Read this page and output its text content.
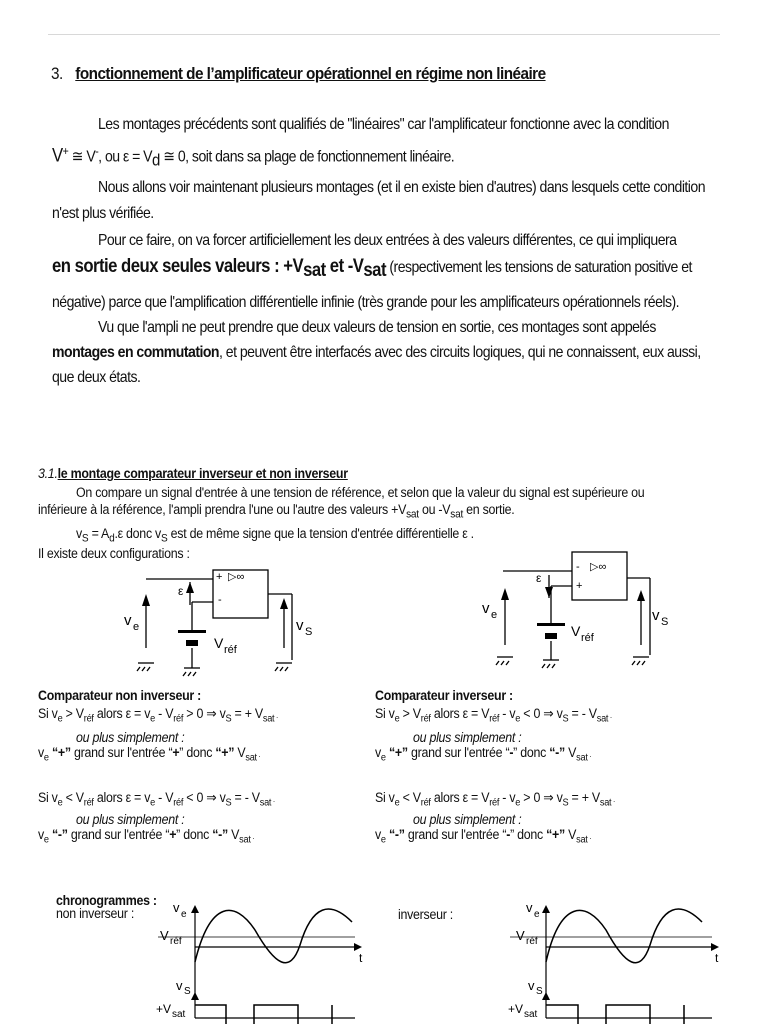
3. fonctionnement de l’amplificateur opérationnel en régime non linéaire
Les montages précédents sont qualifiés de "linéaires" car l'amplificateur fonctionne avec la condition
V+ ≅ V-, ou $\varepsilon = V_d$ ≅ 0, soit dans sa plage de fonctionnement linéaire.
Nous allons voir maintenant plusieurs montages (et il en existe bien d'autres) dans lesquels cette condition
n'est plus vérifiée.
Pour ce faire, on va forcer artificiellement les deux entrées à des valeurs différentes, ce qui impliquera
en sortie deux seules valeurs : $+V_{sat}$ et $-V_{sat}$ (respectivement les tensions de saturation positive et
négative) parce que l'amplification différentielle infinie (très grande pour les amplificateurs opérationnels réels).
Vu que l'ampli ne peut prendre que deux valeurs de tension en sortie, ces montages sont appelés
montages en commutation, et peuvent être interfacés avec des circuits logiques, qui ne connaissent, eux aussi,
que deux états.
3.1.le montage comparateur inverseur et non inverseur
On compare un signal d'entrée à une tension de référence, et selon que la valeur du signal est supérieure ou
inférieure à la référence, l'ampli prendra l'une ou l'autre des valeurs $+V_{sat}$ ou $-V_{sat}$ en sortie.
$v_S = A_d.\varepsilon$ donc $v_S$ est de même signe que la tension d'entrée différentielle ε .
Il existe deux configurations :
+ ▷∞
-
ε
v e	v S
V réf
- ▷∞
+
ε
v e	v S
V réf
Comparateur non inverseur :
Si $v_e > V_{réf}$ alors $\varepsilon = v_e - V_{réf} > 0$ ⇒ $v_S$ = + $V_{sat}$ .
ou plus simplement :
$v_e$ “+” grand sur l'entrée “+” donc “+” $V_{sat}$ .
Si $v_e < V_{réf}$ alors $\varepsilon = v_e - V_{réf} < 0$ ⇒ $v_S$ = - $V_{sat}$ .
ou plus simplement :
$v_e$ “-” grand sur l'entrée “+” donc “-” $V_{sat}$ .
Comparateur inverseur :
Si $v_e > V_{réf}$ alors $\varepsilon = V_{réf} - v_e < 0$ ⇒ $v_S$ = - $V_{sat}$ .
ou plus simplement :
$v_e$ “+” grand sur l'entrée “-” donc “-” $V_{sat}$ .
Si $v_e < V_{réf}$ alors $\varepsilon = V_{réf} - v_e > 0$ ⇒ $v_S$ = + $V_{sat}$ .
ou plus simplement :
$v_e$ “-” grand sur l'entrée “-” donc “+” $V_{sat}$ .
chronogrammes :
non inverseur :	inverseur :
v e
V réf
t
v S
+V sat
v e
V réf
t
v S
+V sat
